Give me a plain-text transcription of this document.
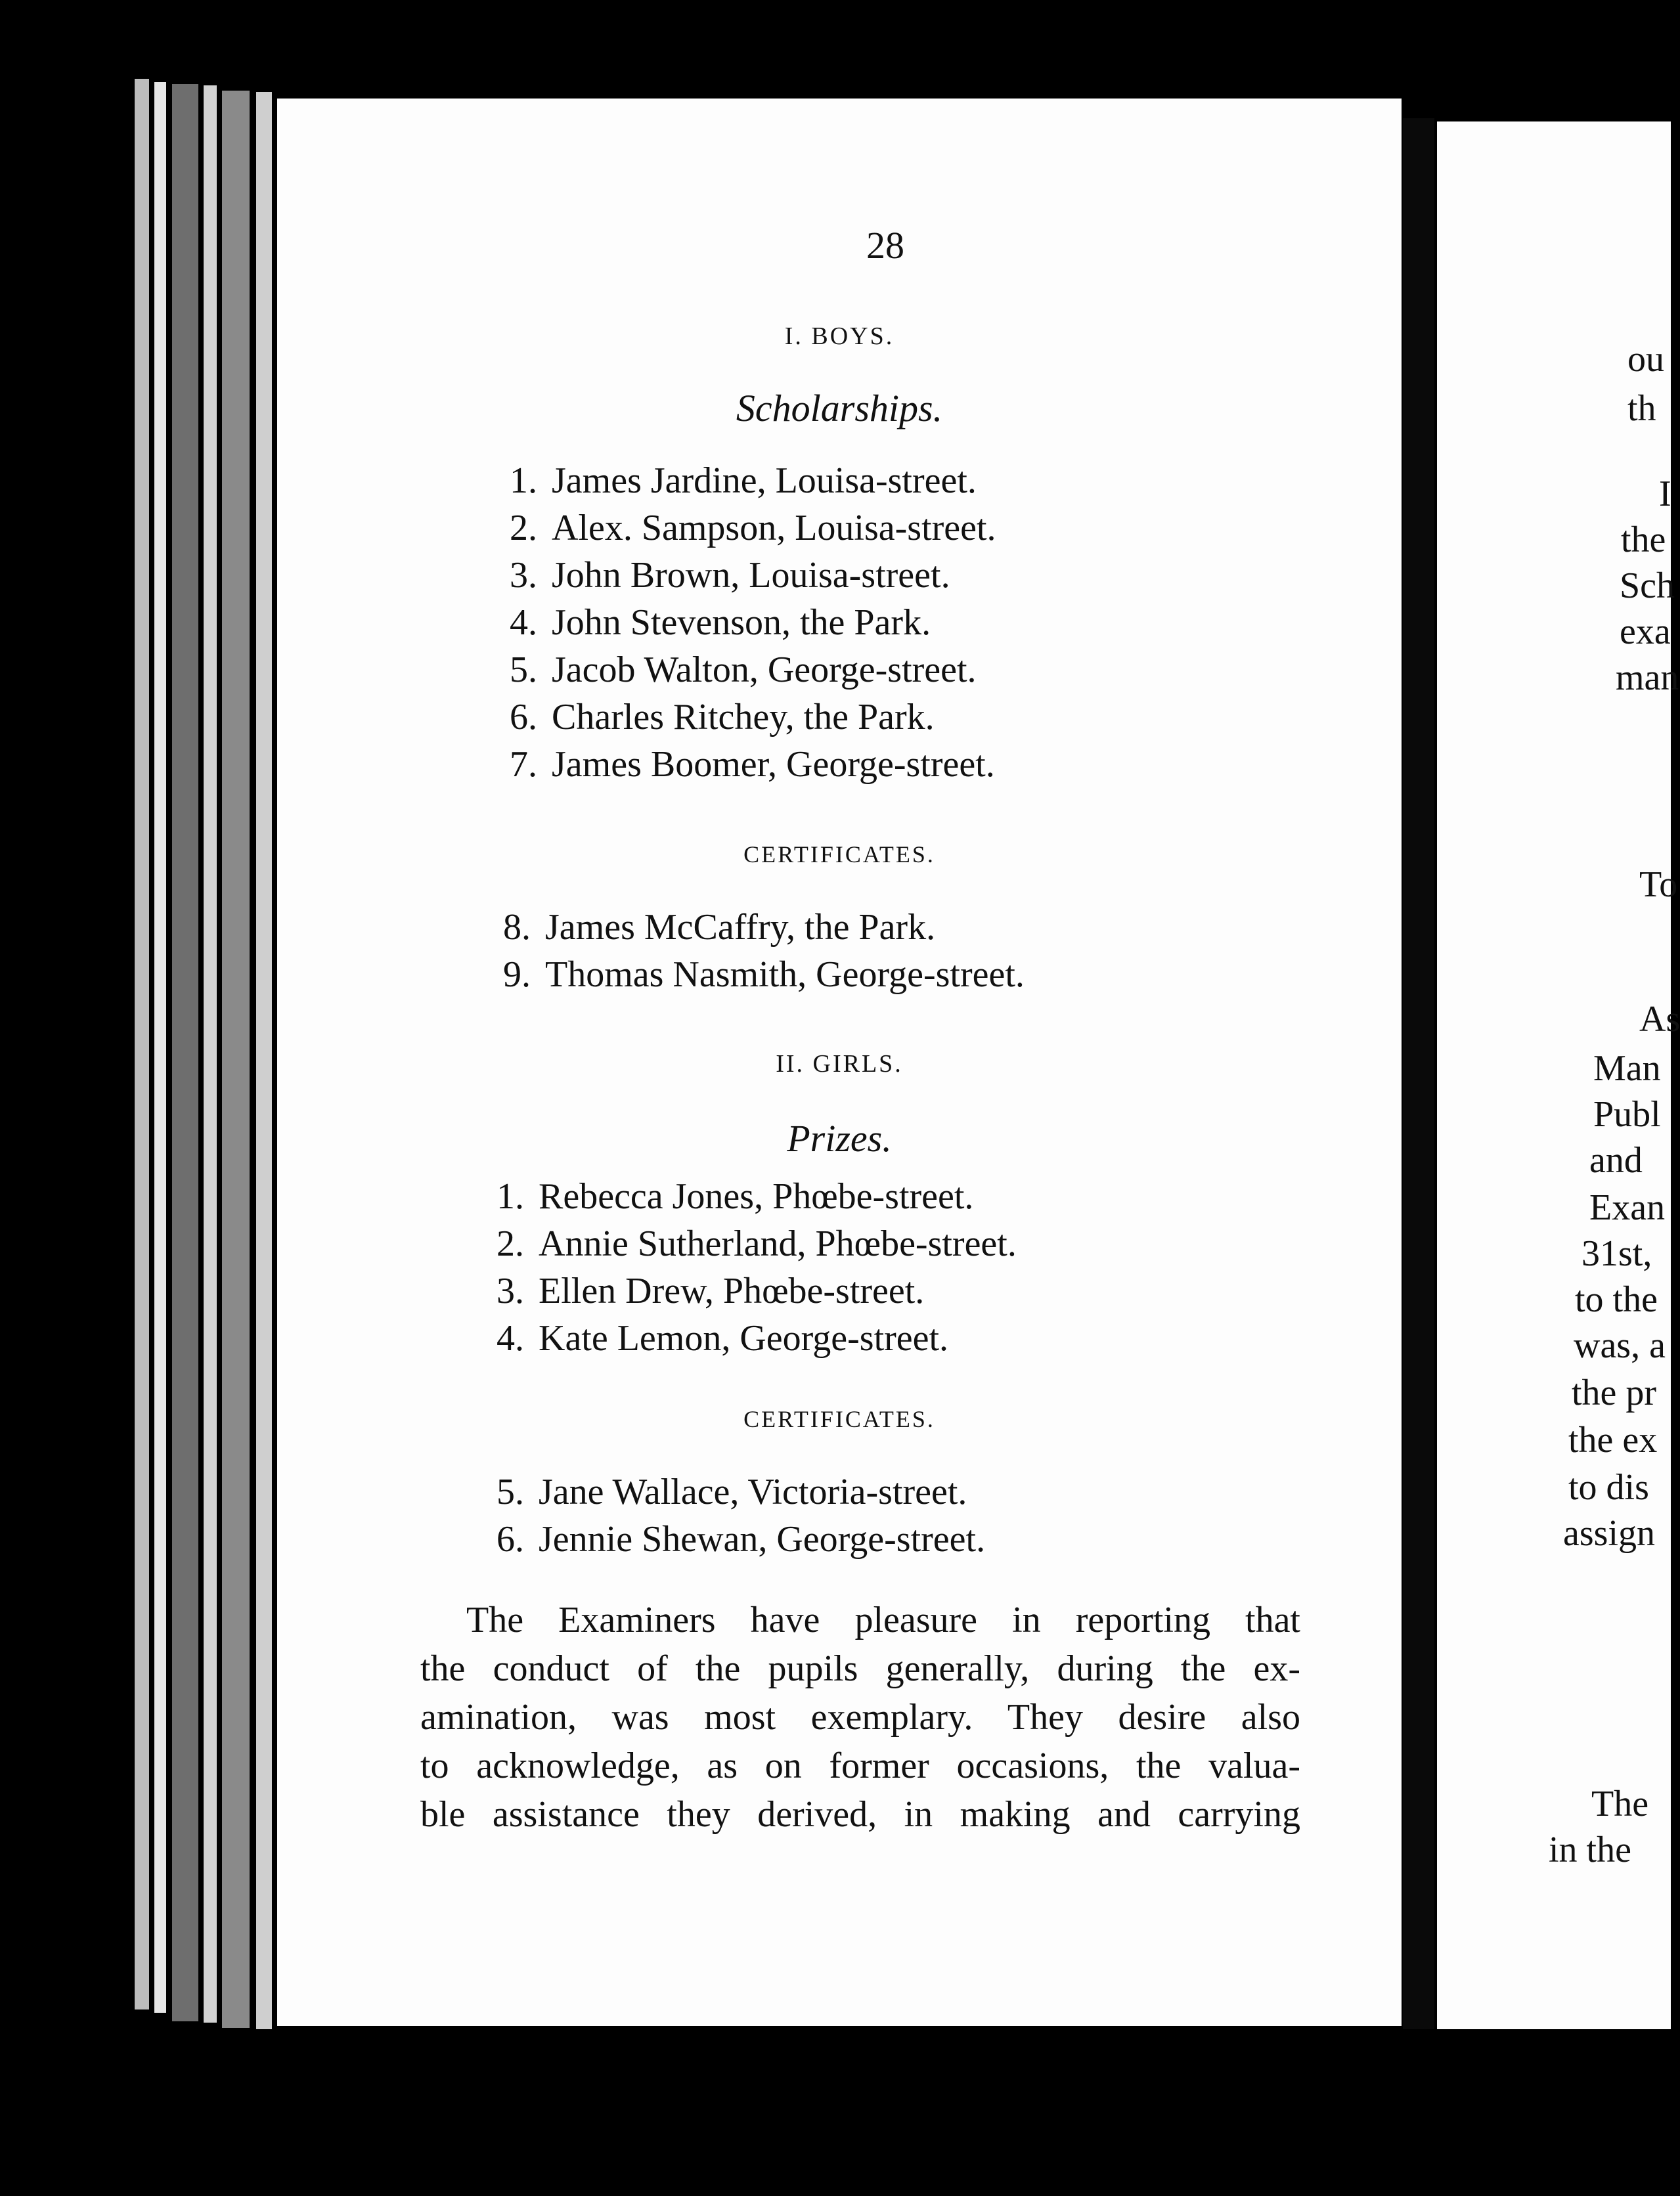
28
I. BOYS.
Scholarships.
1. James Jardine, Louisa-street.
2. Alex. Sampson, Louisa-street.
3. John Brown, Louisa-street.
4. John Stevenson, the Park.
5. Jacob Walton, George-street.
6. Charles Ritchey, the Park.
7. James Boomer, George-street.
CERTIFICATES.
8. James McCaffry, the Park.
9. Thomas Nasmith, George-street.
II. GIRLS.
Prizes.
1. Rebecca Jones, Phœbe-street.
2. Annie Sutherland, Phœbe-street.
3. Ellen Drew, Phœbe-street.
4. Kate Lemon, George-street.
CERTIFICATES.
5. Jane Wallace, Victoria-street.
6. Jennie Shewan, George-street.
The Examiners have pleasure in reporting that
the conduct of the pupils generally, during the ex-
amination, was most exemplary. They desire also
to acknowledge, as on former occasions, the valua-
ble assistance they derived, in making and carrying
ou
th
I
the
Sch
exa
man
To
As
Man
Publ
and
Exan
31st,
to the
was, a
the pr
the ex
to dis
assign
The
in the
